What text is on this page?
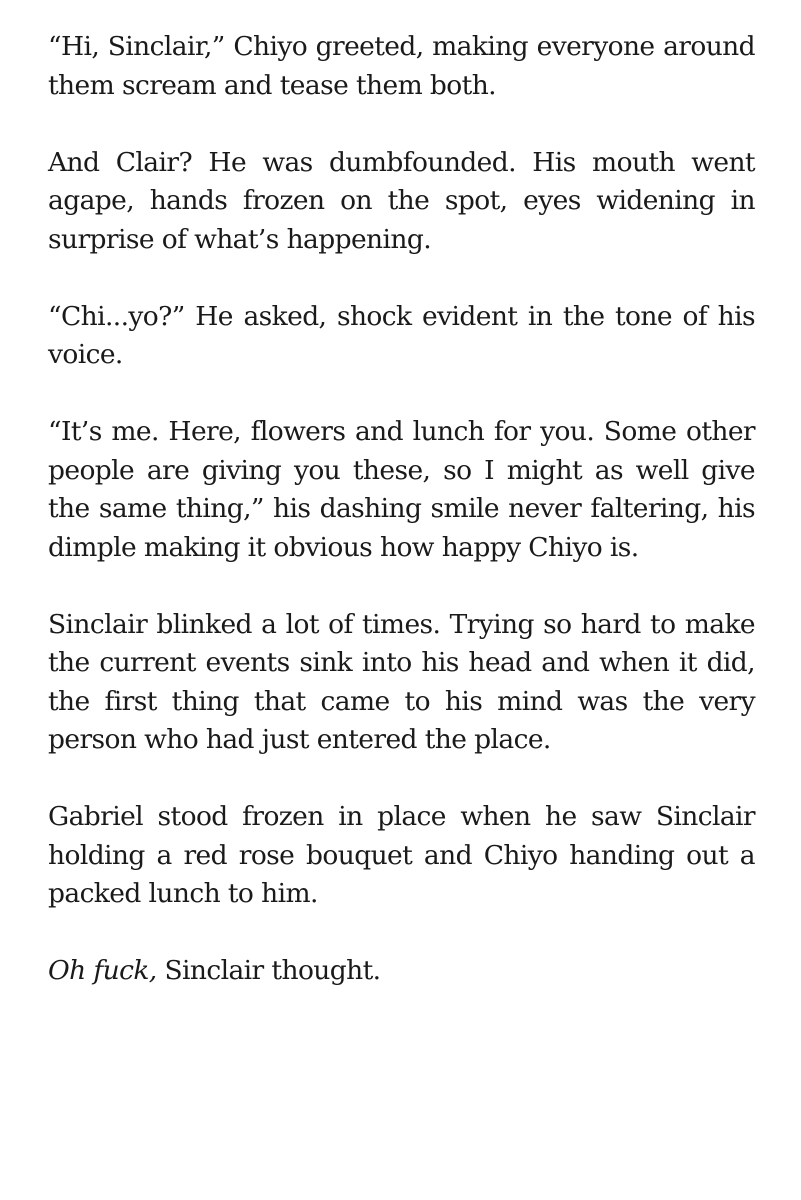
“Hi, Sinclair,” Chiyo greeted, making everyone around them scream and tease them both.

And Clair? He was dumbfounded. His mouth went agape, hands frozen on the spot, eyes widening in surprise of what’s happening.

“Chi...yo?” He asked, shock evident in the tone of his voice.

“It’s me. Here, flowers and lunch for you. Some other people are giving you these, so I might as well give the same thing,” his dashing smile never faltering, his dimple making it obvious how happy Chiyo is.

Sinclair blinked a lot of times. Trying so hard to make the current events sink into his head and when it did, the first thing that came to his mind was the very person who had just entered the place.

Gabriel stood frozen in place when he saw Sinclair holding a red rose bouquet and Chiyo handing out a packed lunch to him.

Oh fuck, Sinclair thought.
